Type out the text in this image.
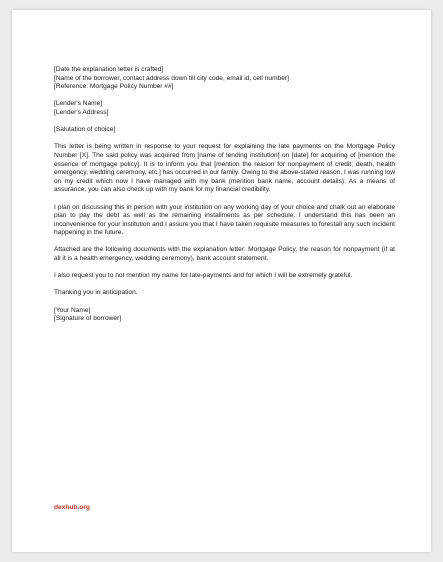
[Date the explanation letter is crafted]
[Name of the borrower, contact address down till city code, email id, cell number]
[Reference: Mortgage Policy Number ##]
[Lender's Name]
[Lender's Address]
[Salutation of choice]

This letter is being written in response to your request for explaining the late payments on the Mortgage Policy Number [X]. The said policy was acquired from [name of lending institution] on [date] for acquiring of [mention the essence of mortgage policy]. It is to inform you that [mention the reason for nonpayment of credit; death, health emergency, wedding ceremony, etc.] has occurred in our family. Owing to the above-stated reason, I was running low on my credit which now I have managed with my bank (mention bank name, account details). As a means of assurance, you can also check up with my bank for my financial credibility.

I plan on discussing this in person with your institution on any working day of your choice and chalk out an elaborate plan to pay the debt as well as the remaining installments as per schedule. I understand this has been an inconvenience for your institution and I assure you that I have taken requisite measures to forestall any such incident happening in the future.

Attached are the following documents with the explanation letter: Mortgage Policy, the reason for nonpayment (if at all it is a health emergency, wedding ceremony), bank account statement.

I also request you to not mention my name for late-payments and for which I will be extremely grateful.

Thanking you in anticipation.

[Your Name]
[Signature of borrower]
dexhub.org
